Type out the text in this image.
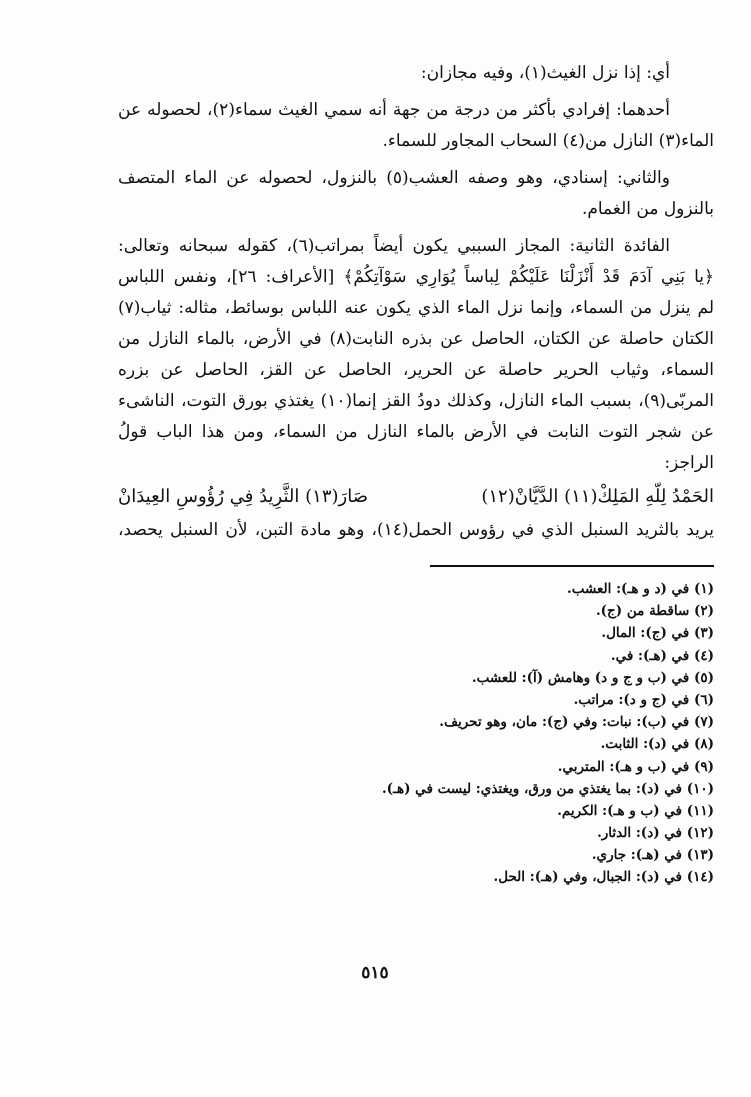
أي: إذا نزل الغيث(١)، وفيه مجازان:
أحدهما: إفرادي بأكثر من درجة من جهة أنه سمي الغيث سماء(٢)، لحصوله عن
الماء(٣) النازل من(٤) السحاب المجاور للسماء.
والثاني: إسنادي، وهو وصفه العشب(٥) بالنزول، لحصوله عن الماء المتصف
بالنزول من الغمام.
الفائدة الثانية: المجاز السببي يكون أيضاً بمراتب(٦)، كقوله سبحانه وتعالى:
﴿يا بَنِي آدَمَ قَدْ أَنْزَلْنَا عَلَيْكُمْ لِباساً يُوَارِي سَوْآتِكُمْ﴾ [الأعراف: ٢٦]، ونفس اللباس
لم ينزل من السماء، وإنما نزل الماء الذي يكون عنه اللباس بوسائط، مثاله: ثياب(٧)
الكتان حاصلة عن الكتان، الحاصل عن بذره النابت(٨) في الأرض، بالماء النازل من
السماء، وثياب الحرير حاصلة عن الحرير، الحاصل عن القز، الحاصل عن بزره
المربّى(٩)، بسبب الماء النازل، وكذلك دودُ القز إنما(١٠) يغتذي بورق التوت، الناشىء
عن شجر التوت النابت في الأرض بالماء النازل من السماء، ومن هذا الباب قولُ
الراجز:
الحَمْدُ لِلّهِ المَلِكْ(١١) الدَّيَّانْ(١٢)
صَارَ(١٣) الثَّرِيدُ فِي رُؤُوسِ العِيدَانْ
يريد بالثريد السنبل الذي في رؤوس الحمل(١٤)، وهو مادة التبن، لأن السنبل يحصد،
(١) في (د و هـ): العشب.
(٢) ساقطة من (ج).
(٣) في (ج): المال.
(٤) في (هـ): في.
(٥) في (ب و ج و د) وهامش (آ): للعشب.
(٦) في (ج و د): مراتب.
(٧) في (ب): نبات: وفي (ج): مان، وهو تحريف.
(٨) في (د): الثابت.
(٩) في (ب و هـ): المتربي.
(١٠) في (د): بما يغتذي من ورق، ويغتذي: ليست في (هـ).
(١١) في (ب و هـ): الكريم.
(١٢) في (د): الدثار.
(١٣) في (هـ): جاري.
(١٤) في (د): الجبال، وفي (هـ): الحل.
٥١٥
